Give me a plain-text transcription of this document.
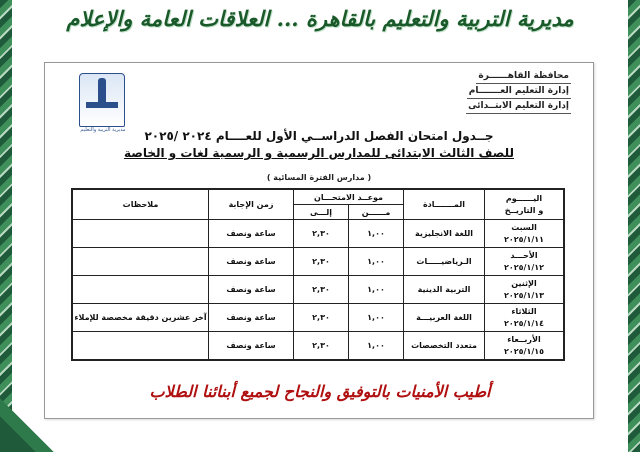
مديرية التربية والتعليم بالقاهرة ... العلاقات العامة والإعلام
محافظة القاهــــــرة
إدارة التعليم العـــــــام
إدارة التعليم الابتــدائى
مديرية التربية والتعليم	جــدول امتحان الفصل الدراســي الأول للعــــام ٢٠٢٤ /٢٠٢٥
للصف الثالث الابتدائى للمدارس الرسمية و الرسمية لغات و الخاصة
( مدارس الفترة المسائية )
اليــــــوم
و التاريــخ	المـــــــادة	موعــد الامتحـــان		زمن الإجابة	ملاحظات
		مــــــن	إلـــى		

السبت
٢٠٢٥/١/١١	اللغة الانجليزية	١,٠٠	٢,٣٠	ساعة ونصف	

الأحـــد
٢٠٢٥/١/١٢	الـرياضيـــــات	١,٠٠	٢,٣٠	ساعة ونصف	

الإثنين
٢٠٢٥/١/١٣	التربية الدينية	١,٠٠	٢,٣٠	ساعة ونصف	

الثلاثاء
٢٠٢٥/١/١٤	اللغة العربيـــة	١,٠٠	٢,٣٠	ساعة ونصف	آخر عشرين دقيقة مخصصة للإملاء

الأربــعاء
٢٠٢٥/١/١٥	متعدد التخصصات	١,٠٠	٢,٣٠	ساعة ونصف	
أطيب الأمنيات بالتوفيق والنجاح لجميع أبنائنا الطلاب
